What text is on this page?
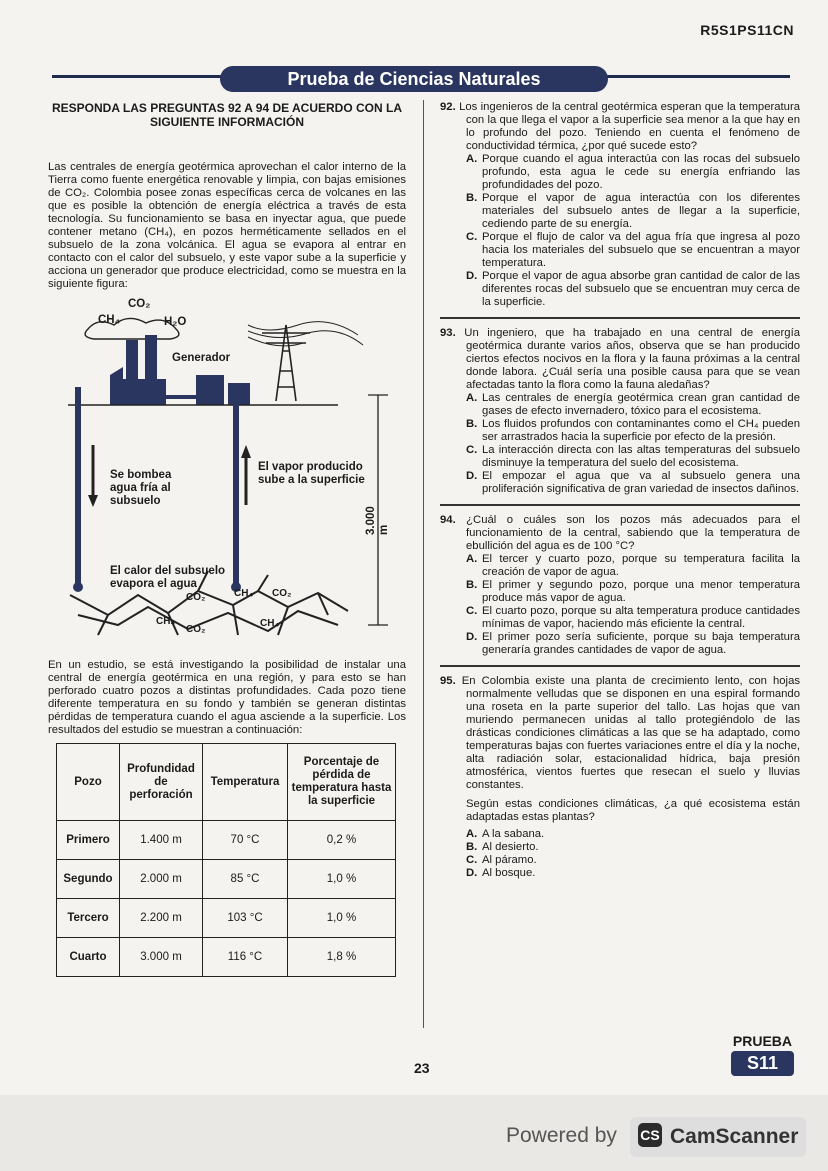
R5S1PS11CN
Prueba de Ciencias Naturales
RESPONDA LAS PREGUNTAS 92 A 94 DE ACUERDO CON LA SIGUIENTE INFORMACIÓN

Las centrales de energía geotérmica aprovechan el calor interno de la Tierra como fuente energética renovable y limpia, con bajas emisiones de CO₂. Colombia posee zonas específicas cerca de volcanes en las que es posible la obtención de energía eléctrica a través de esta tecnología. Su funcionamiento se basa en inyectar agua, que puede contener metano (CH₄), en pozos herméticamente sellados en el subsuelo de la zona volcánica. El agua se evapora al entrar en contacto con el calor del subsuelo, y este vapor sube a la superficie y acciona un generador que produce electricidad, como se muestra en la siguiente figura:

CO₂
CH₄	H₂O
Generador
Se bombea agua fría al subsuelo
El vapor producido sube a la superficie
3.000 m
El calor del subsuelo evapora el agua
CO₂	CH₄ CO₂
CH₄
CO₂
CH₄

En un estudio, se está investigando la posibilidad de instalar una central de energía geotérmica en una región, y para esto se han perforado cuatro pozos a distintas profundidades. Cada pozo tiene diferente temperatura en su fondo y también se generan distintas pérdidas de temperatura cuando el agua asciende a la superficie. Los resultados del estudio se muestran a continuación:

Pozo	Profundidad de perforación	Temperatura	Porcentaje de pérdida de temperatura hasta la superficie
Primero	1.400 m	70 °C	0,2 %
Segundo	2.000 m	85 °C	1,0 %
Tercero	2.200 m	103 °C	1,0 %
Cuarto	3.000 m	116 °C	1,8 %
92. Los ingenieros de la central geotérmica esperan que la temperatura con la que llega el vapor a la superficie sea menor a la que hay en lo profundo del pozo. Teniendo en cuenta el fenómeno de conductividad térmica, ¿por qué sucede esto?
A. Porque cuando el agua interactúa con las rocas del subsuelo profundo, esta agua le cede su energía enfriando las profundidades del pozo.
B. Porque el vapor de agua interactúa con los diferentes materiales del subsuelo antes de llegar a la superficie, cediendo parte de su energía.
C. Porque el flujo de calor va del agua fría que ingresa al pozo hacia los materiales del subsuelo que se encuentran a mayor temperatura.
D. Porque el vapor de agua absorbe gran cantidad de calor de las diferentes rocas del subsuelo que se encuentran muy cerca de la superficie.
93. Un ingeniero, que ha trabajado en una central de energía geotérmica durante varios años, observa que se han producido ciertos efectos nocivos en la flora y la fauna próximas a la central donde labora. ¿Cuál sería una posible causa para que se vean afectadas tanto la flora como la fauna aledañas?
A. Las centrales de energía geotérmica crean gran cantidad de gases de efecto invernadero, tóxico para el ecosistema.
B. Los fluidos profundos con contaminantes como el CH₄ pueden ser arrastrados hacia la superficie por efecto de la presión.
C. La interacción directa con las altas temperaturas del subsuelo disminuye la temperatura del suelo del ecosistema.
D. El empozar el agua que va al subsuelo genera una proliferación significativa de gran variedad de insectos dañinos.
94. ¿Cuál o cuáles son los pozos más adecuados para el funcionamiento de la central, sabiendo que la temperatura de ebullición del agua es de 100 °C?
A. El tercer y cuarto pozo, porque su temperatura facilita la creación de vapor de agua.
B. El primer y segundo pozo, porque una menor temperatura produce más vapor de agua.
C. El cuarto pozo, porque su alta temperatura produce cantidades mínimas de vapor, haciendo más eficiente la central.
D. El primer pozo sería suficiente, porque su baja temperatura generaría grandes cantidades de vapor de agua.
95. En Colombia existe una planta de crecimiento lento, con hojas normalmente velludas que se disponen en una espiral formando una roseta en la parte superior del tallo. Las hojas que van muriendo permanecen unidas al tallo protegiéndolo de las drásticas condiciones climáticas a las que se ha adaptado, como temperaturas bajas con fuertes variaciones entre el día y la noche, alta radiación solar, estacionalidad hídrica, baja presión atmosférica, vientos fuertes que resecan el suelo y lluvias constantes.

Según estas condiciones climáticas, ¿a qué ecosistema están adaptadas estas plantas?

A. A la sabana.
B. Al desierto.
C. Al páramo.
D. Al bosque.
23
PRUEBA
S11
Powered by CS CamScanner
